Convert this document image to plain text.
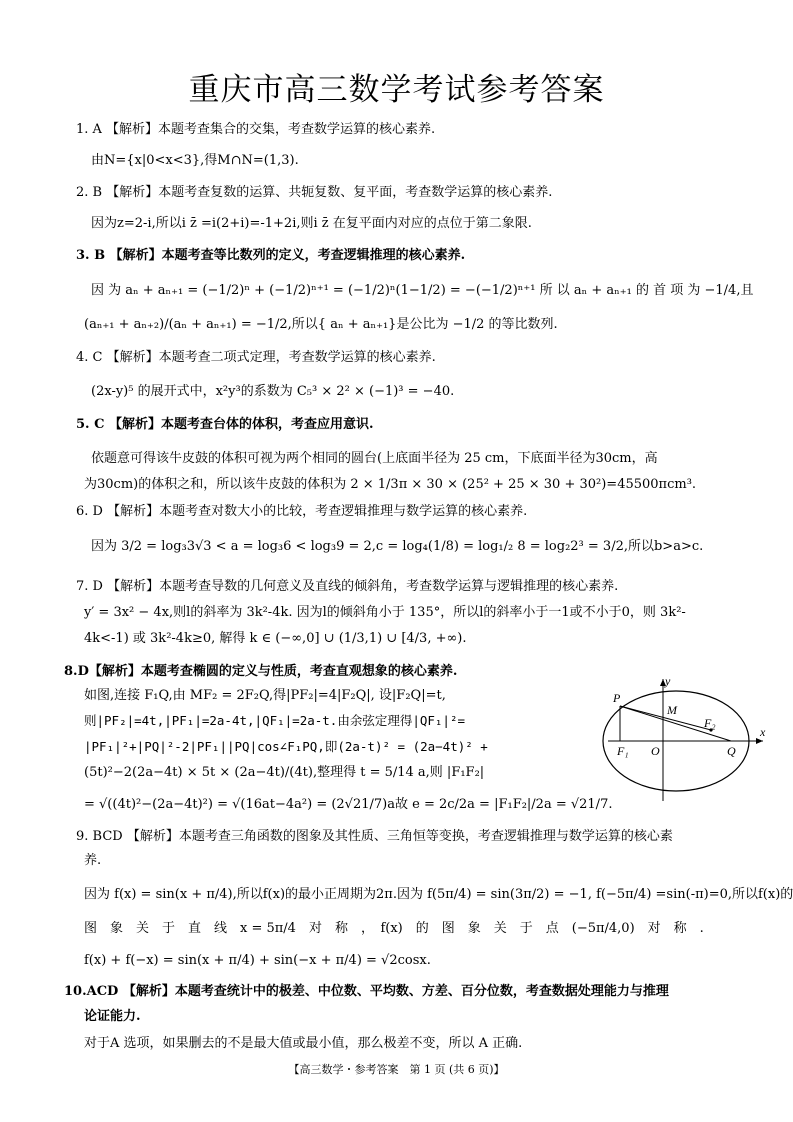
重庆市高三数学考试参考答案
1. A 【解析】本题考查集合的交集，考查数学运算的核心素养.
由N={x|0<x<3},得M∩N=(1,3).
2. B 【解析】本题考查复数的运算、共轭复数、复平面，考查数学运算的核心素养.
因为z=2-i,所以i z̄ =i(2+i)=-1+2i,则i z̄ 在复平面内对应的点位于第二象限.
3. B 【解析】本题考查等比数列的定义，考查逻辑推理的核心素养.
因 为 aₙ + aₙ₊₁ = (−1/2)ⁿ + (−1/2)ⁿ⁺¹ = (−1/2)ⁿ(1−1/2) = −(−1/2)ⁿ⁺¹ 所 以 aₙ + aₙ₊₁ 的 首 项 为 −1/4,且
(aₙ₊₁ + aₙ₊₂)/(aₙ + aₙ₊₁) = −1/2,所以{ aₙ + aₙ₊₁}是公比为 −1/2 的等比数列.
4. C 【解析】本题考查二项式定理，考查数学运算的核心素养.
(2x-y)⁵ 的展开式中，x²y³的系数为 C₅³ × 2² × (−1)³ = −40.
5. C 【解析】本题考查台体的体积，考查应用意识.
依题意可得该牛皮鼓的体积可视为两个相同的圆台(上底面半径为 25 cm，下底面半径为30cm，高
为30cm)的体积之和，所以该牛皮鼓的体积为 2 × 1/3π × 30 × (25² + 25 × 30 + 30²)=45500πcm³.
6. D 【解析】本题考查对数大小的比较，考查逻辑推理与数学运算的核心素养.
因为 3/2 = log₃3√3 < a = log₃6 < log₃9 = 2,c = log₄(1/8) = log₁/₂ 8 = log₂2³ = 3/2,所以b>a>c.
7. D 【解析】本题考查导数的几何意义及直线的倾斜角，考查数学运算与逻辑推理的核心素养.
y′ = 3x² − 4x,则l的斜率为 3k²-4k. 因为l的倾斜角小于 135°，所以l的斜率小于一1或不小于0，则 3k²-
4k<-1) 或 3k²-4k≥0, 解得 k ∈ (−∞,0] ∪ (1/3,1) ∪ [4/3, +∞).
8.D【解析】本题考查椭圆的定义与性质，考查直观想象的核心素养.
如图,连接 F₁Q,由 MF₂ = 2F₂Q,得|PF₂|=4|F₂Q|, 设|F₂Q|=t,
则|PF₂|=4t,|PF₁|=2a-4t,|QF₁|=2a-t.由余弦定理得|QF₁|²=
|PF₁|²+|PQ|²-2|PF₁||PQ|cos∠F₁PQ,即(2a-t)² = (2a−4t)² +
(5t)²−2(2a−4t) × 5t × (2a−4t)/(4t),整理得 t = 5/14 a,则 |F₁F₂|
= √((4t)²−(2a−4t)²) = √(16at−4a²) = (2√21/7)a故 e = 2c/2a = |F₁F₂|/2a = √21/7.
y
x
P
M
F₂
F₁ O	Q
9. BCD 【解析】本题考查三角函数的图象及其性质、三角恒等变换，考查逻辑推理与数学运算的核心素
养.
因为 f(x) = sin(x + π/4),所以f(x)的最小正周期为2π.因为 f(5π/4) = sin(3π/2) = −1, f(−5π/4) =sin(-π)=0,所以f(x)的
图　象　关　于　直　线　x = 5π/4　对　称　，　f(x)　的　图　象　关　于　点　(−5π/4,0)　对　称　.
f(x) + f(−x) = sin(x + π/4) + sin(−x + π/4) = √2cosx.
10.ACD 【解析】本题考查统计中的极差、中位数、平均数、方差、百分位数，考查数据处理能力与推理
论证能力.
对于A 选项，如果删去的不是最大值或最小值，那么极差不变，所以 A 正确.
【高三数学・参考答案　第 1 页 (共 6 页)】
